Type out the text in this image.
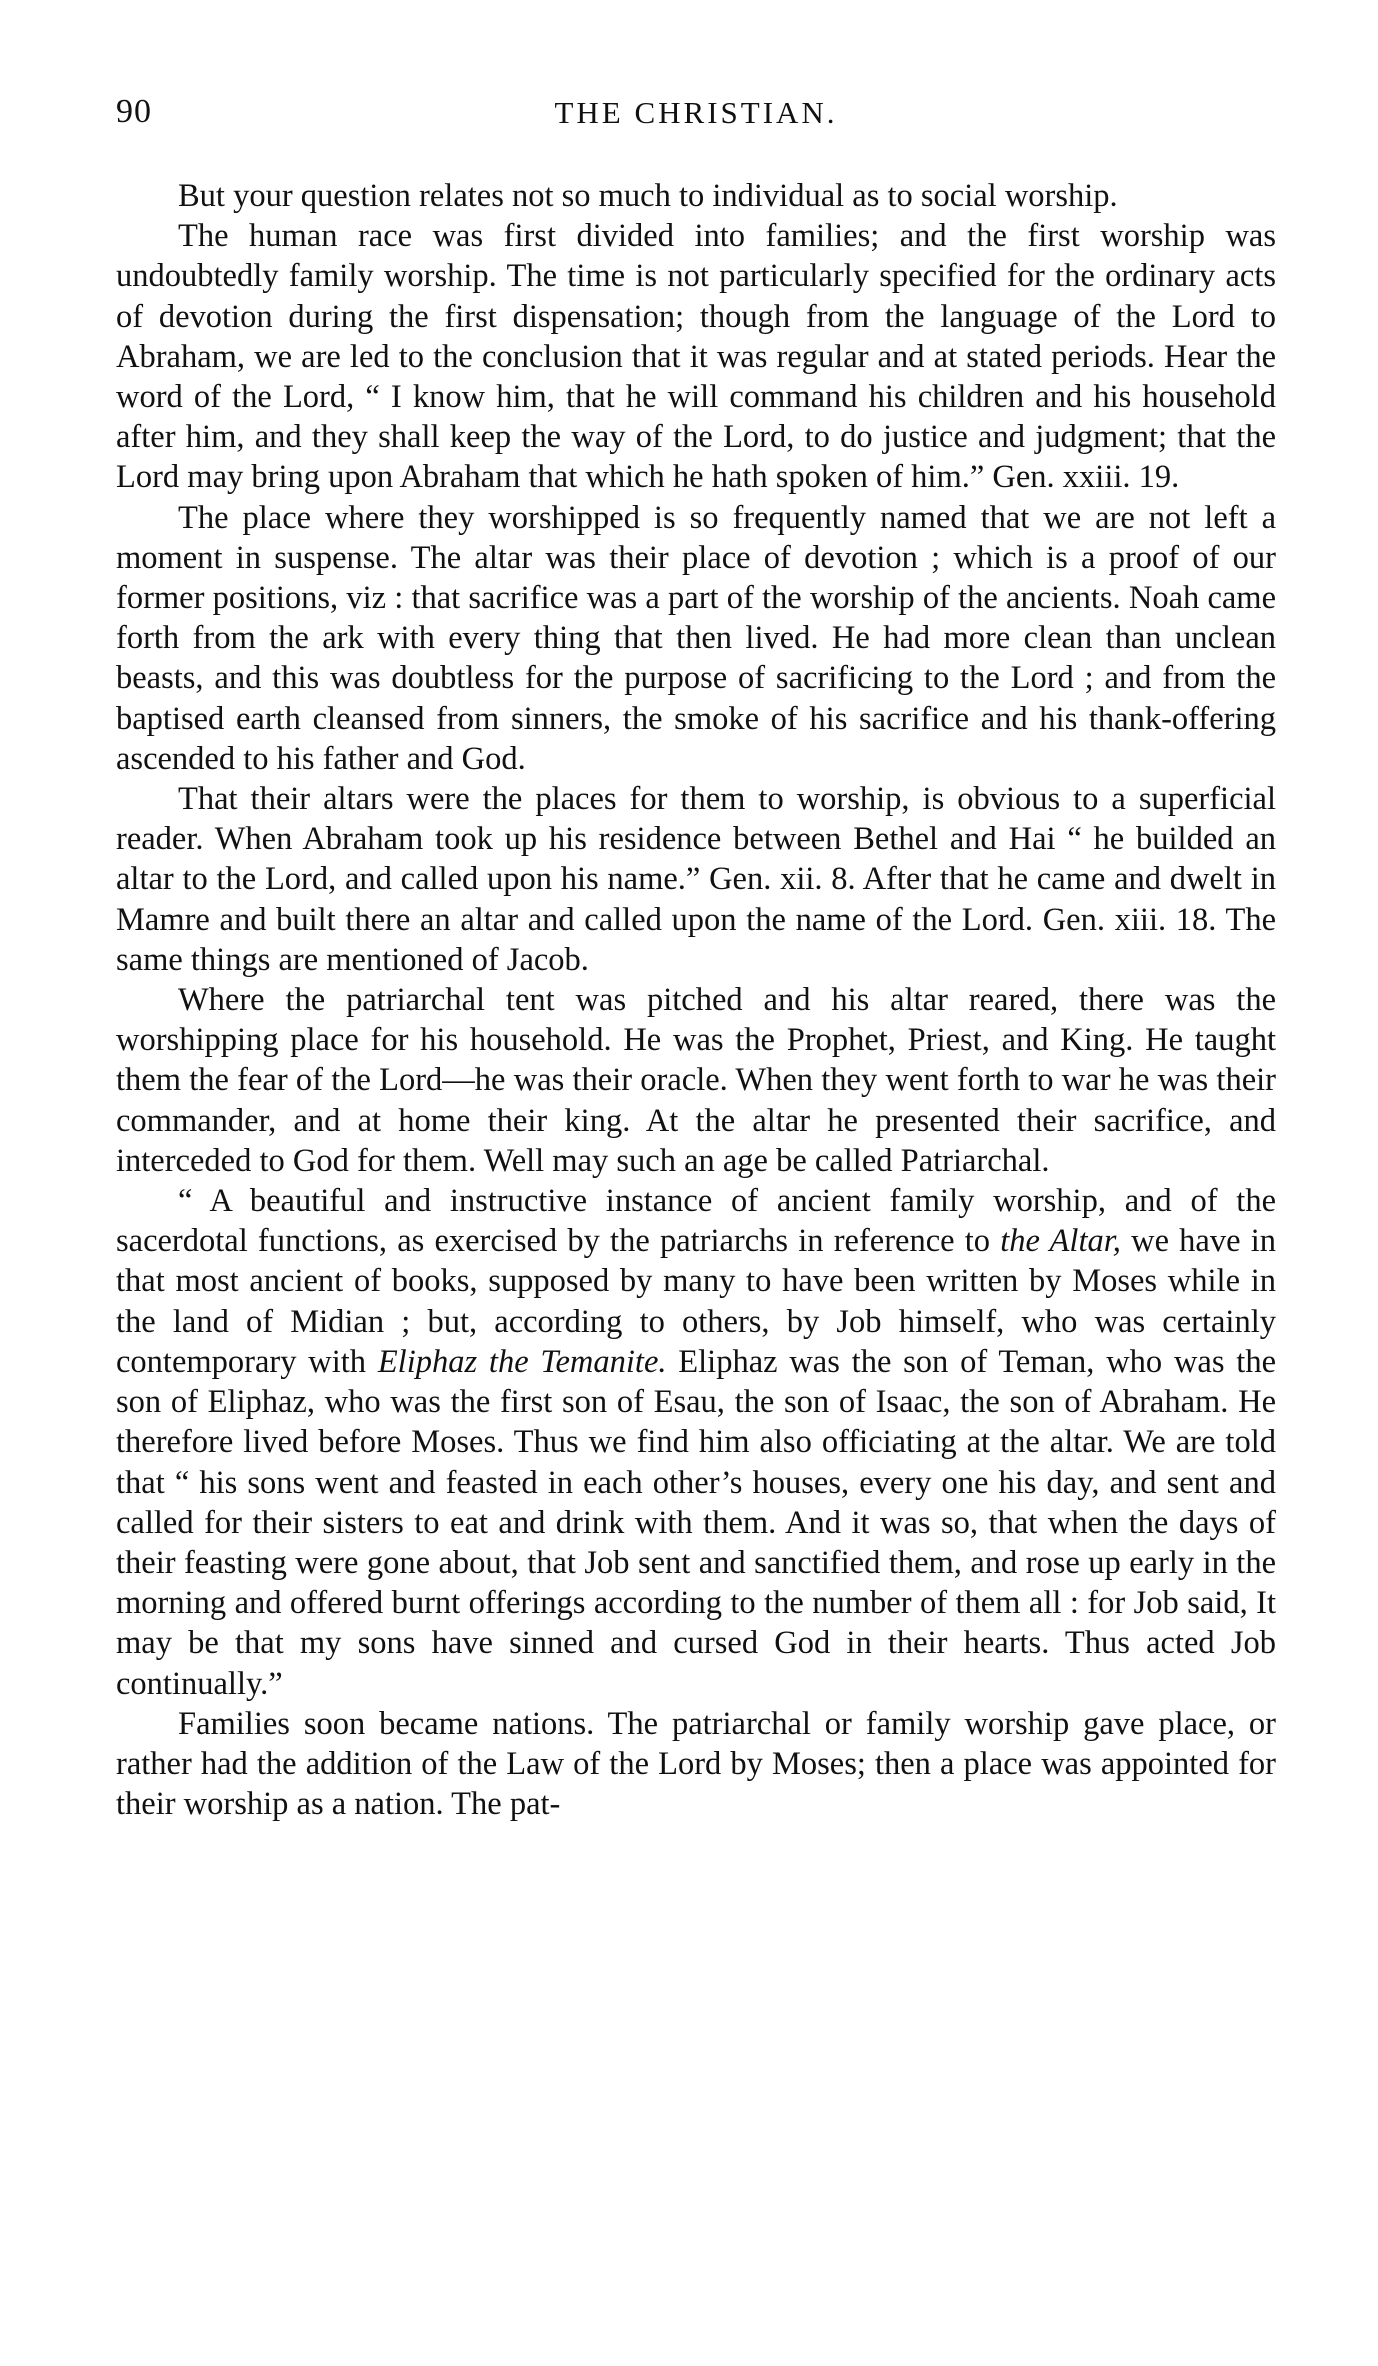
90	THE CHRISTIAN.

But your question relates not so much to individual as to social worship.

The human race was first divided into families; and the first worship was undoubtedly family worship. The time is not particularly specified for the ordinary acts of devotion during the first dispensation; though from the language of the Lord to Abraham, we are led to the conclusion that it was regular and at stated periods. Hear the word of the Lord, “ I know him, that he will command his children and his household after him, and they shall keep the way of the Lord, to do justice and judgment; that the Lord may bring upon Abraham that which he hath spoken of him.” Gen. xxiii. 19.

The place where they worshipped is so frequently named that we are not left a moment in suspense. The altar was their place of devotion ; which is a proof of our former positions, viz : that sacrifice was a part of the worship of the ancients. Noah came forth from the ark with every thing that then lived. He had more clean than unclean beasts, and this was doubtless for the purpose of sacrificing to the Lord ; and from the baptised earth cleansed from sinners, the smoke of his sacrifice and his thank-offering ascended to his father and God.

That their altars were the places for them to worship, is obvious to a superficial reader. When Abraham took up his residence between Bethel and Hai “ he builded an altar to the Lord, and called upon his name.” Gen. xii. 8. After that he came and dwelt in Mamre and built there an altar and called upon the name of the Lord. Gen. xiii. 18. The same things are mentioned of Jacob.

Where the patriarchal tent was pitched and his altar reared, there was the worshipping place for his household. He was the Prophet, Priest, and King. He taught them the fear of the Lord—he was their oracle. When they went forth to war he was their commander, and at home their king. At the altar he presented their sacrifice, and interceded to God for them. Well may such an age be called Patriarchal.

“ A beautiful and instructive instance of ancient family worship, and of the sacerdotal functions, as exercised by the patriarchs in reference to the Altar, we have in that most ancient of books, supposed by many to have been written by Moses while in the land of Midian ; but, according to others, by Job himself, who was certainly contemporary with Eliphaz the Temanite. Eliphaz was the son of Teman, who was the son of Eliphaz, who was the first son of Esau, the son of Isaac, the son of Abraham. He therefore lived before Moses. Thus we find him also officiating at the altar. We are told that “ his sons went and feasted in each other’s houses, every one his day, and sent and called for their sisters to eat and drink with them. And it was so, that when the days of their feasting were gone about, that Job sent and sanctified them, and rose up early in the morning and offered burnt offerings according to the number of them all : for Job said, It may be that my sons have sinned and cursed God in their hearts. Thus acted Job continually.”

Families soon became nations. The patriarchal or family worship gave place, or rather had the addition of the Law of the Lord by Moses; then a place was appointed for their worship as a nation. The pat-
